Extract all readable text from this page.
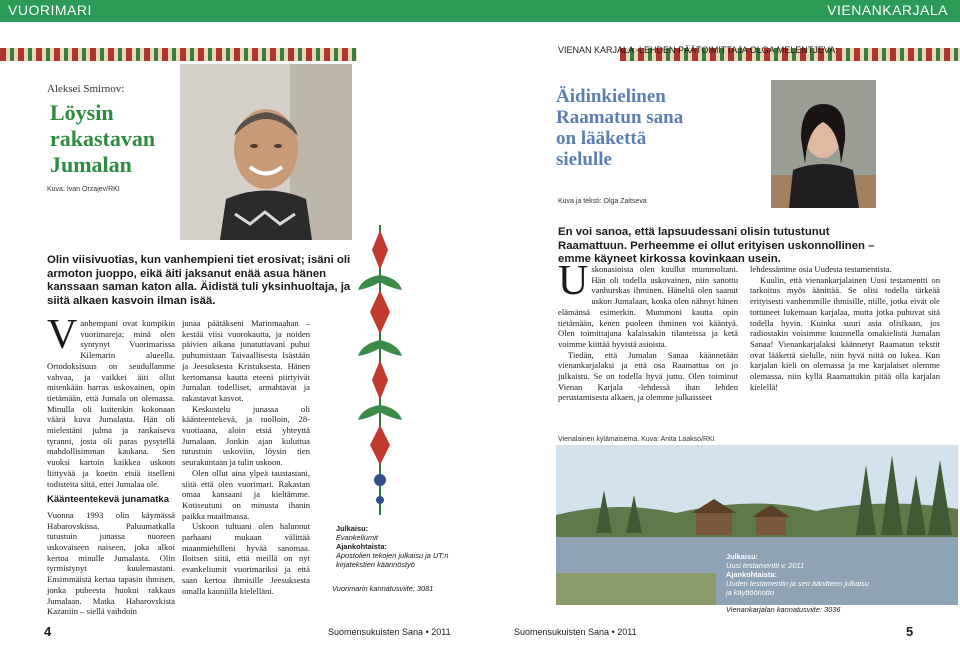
VUORIMARI	VIENANKARJALA
Aleksei Smirnov:
Löysin
rakastavan
Jumalan
Kuva: Ivan Orzajev/RKI
Olin viisivuotias, kun vanhempieni tiet erosivat; isäni oli armoton juoppo, eikä äiti jaksanut enää asua hänen kanssaan saman katon alla. Äidistä tuli yksinhuoltaja, ja siitä alkaen kasvoin ilman isää.
V anhempani ovat kumpikin vuorimareja; minä olen syntynyt Vuorimarissa Kilemarin alueella. Ortodoksisuus on seudullamme vahvaa, ja vaikkei äiti ollut mitenkään harras uskovainen, opin tietämään, että Jumala on olemassa. Minulla oli kuitenkin kokonaan väärä kuva Jumalasta. Hän oli mielestäni julma ja rankaiseva tyranni, josta oli paras pysytellä mahdollisimman kaukana. Sen vuoksi kartoin kaikkea uskoon liittyvää ja koetin etsiä itselleni todisteita siitä, ettei Jumalaa ole.
Käänteentekevä junamatka
Vuonna 1993 olin käymässä Habarovskissa. Paluumatkalla tutustuin junassa nuoreen uskovaiseen naiseen, joka alkoi kertoa minulle Jumalasta. Olin tyrmistynyt kuulemastani. Ensimmäistä kertaa tapasin ihmisen, jonka puheesta huokui rakkaus Jumalaan. Matka Habarovskista Kazaniin – siellä vaihdoin
junaa päätäkseni Marinmaahan – kestää viisi vuorokautta, ja noiden päivien aikana junatuttavani puhui puhumistaan Taivaallisesta Isästään ja Jeesuksesta Kristuksesta. Hänen kertomansa kautta eteeni piirtyivät Jumalan todelliset, armahtavat ja rakastavat kasvot.
Keskustelu junassa oli käänteentekevä, ja tuolloin, 28-vuotiaana, aloin etsiä yhteyttä Jumalaan. Jonkin ajan kuluttua tutustuin uskoviin, löysin tien seurakuntaan ja tulin uskoon.
Olen ollut aina ylpeä taustastani, siitä että olen vuorimari. Rakastan omaa kansaani ja kieltämme. Kotiseutuni on minusta ihanin paikka maailmassa.
Uskoon tultuani olen halunnut parhaani mukaan välittää maanmiehilleni hyvää sanomaa. Iloitsen siitä, että meillä on nyt evankeliumit vuorimariksi ja että saan kertoa ihmisille Jeesuksesta omalla kauniilla kielelläni.
Julkaisu:
Evankeliumit
Ajankohtaista:
Apostolien tekojen julkaisu ja UT:n kirjatekstien käännöstyö
Vuorimarin kannatusviite: 3081
4	Suomensukuisten Sana • 2011
VIENAN KARJALA -LEHDEN PÄÄTOIMITTAJA OLGA MELENTJEVA:
Äidinkielinen
Raamatun sana
on lääkettä
sielulle
Kuva ja teksti: Olga Zaitseva
En voi sanoa, että lapsuudessani olisin tutustunut Raamattuun. Perheemme ei ollut erityisen uskonnollinen – emme käyneet kirkossa kovinkaan usein.
U skonasioista olen kuullut mummoltani. Hän oli todella uskovainen, niin sanottu vanhurskas ihminen. Häneltä olen saanut uskon Jumalaan, koska olen nähnyt hänen elämänsä esimerkin. Mummoni kautta opin tietämään, kenen puoleen ihminen voi kääntyä. Olen toimittajana kalaissakin tilanteissa ja ketä voimme kiittää hyvistä asioista.
Tiedän, että Jumalan Sanaa käännetään vienankarjalaksi ja että osa Raamattua on jo julkaistu. Se on todella hyvä juttu. Olen toiminut Vienan Karjala -lehdessä ihan lehden perustamisesta alkaen, ja olemme julkaisseet
lehdessämme osia Uudesta testamentista.
Kuulin, että vienankarjalainen Uusi testamentti on tarkoitus myös äänittää. Se olisi todella tärkeää erityisesti vanhemmille ihmisille, niille, jotka eivät ole tottuneet lukemaan karjalaa, mutta jotka puhuvat sitä todella hyvin. Kuinka suuri asia olisikaan, jos radiostakin voisimme kuunnella omakielistä Jumalan Sanaa! Vienankarjalaksi käännetyt Raamatun tekstit ovat lääkettä sielulle, niin hyvä niitä on lukea. Kun karjalan kieli on olemassa ja me karjalaiset olemme olemassa, niin kyllä Raamattukin pitää olla karjalan kielellä!
Vienalainen kylämaisema. Kuva: Anita Laakso/RKI
Julkaisu:
Uusi testamentti v. 2011
Ajankohtaista:
Uuden testamentin ja sen äänitteen julkaisu ja käyttöönotto
Vienankarjalan kannatusviite: 3036
Suomensukuisten Sana • 2011	5
